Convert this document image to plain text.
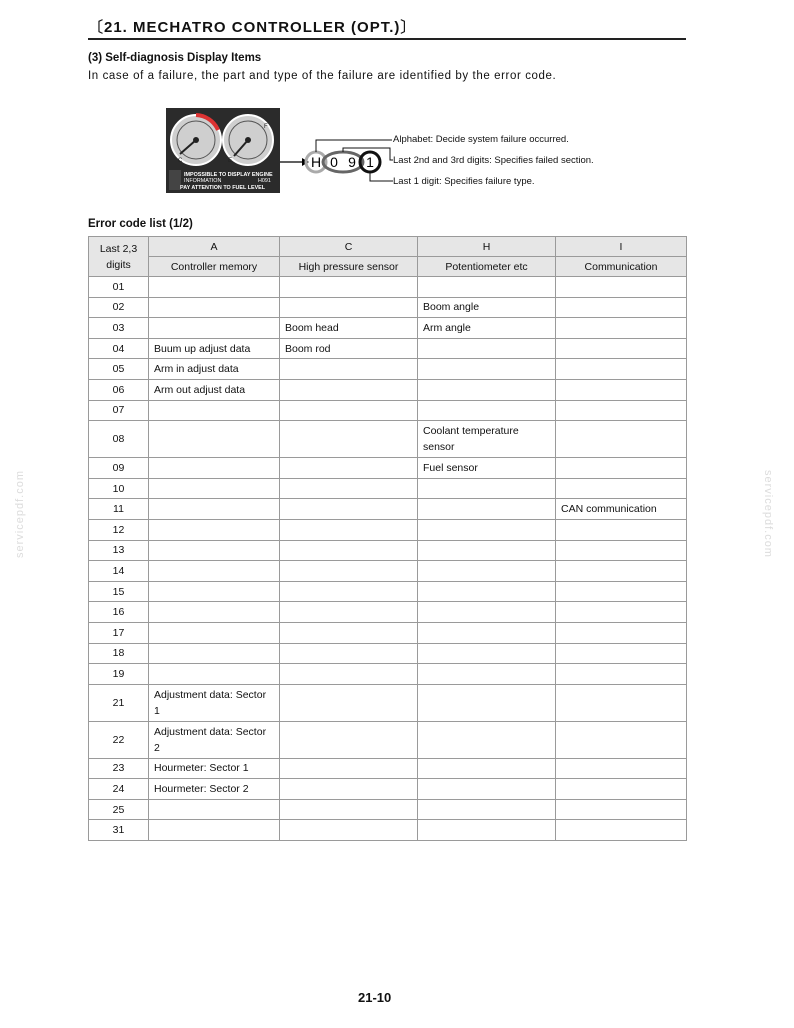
〔21. MECHATRO CONTROLLER (OPT.)〕
(3) Self-diagnosis Display Items
In case of a failure, the part and type of the failure are identified by the error code.
C	E
F
IMPOSSIBLE TO DISPLAY ENGINE
INFORMATION	H091
PAY ATTENTION TO FUEL LEVEL
H 0 9 1
Alphabet: Decide system failure occurred.
Last 2nd and 3rd digits: Specifies failed section.
Last 1 digit: Specifies failure type.
Error code list (1/2)
Last 2,3
digits	A	C	H	I
	Controller memory	High pressure sensor	Potentiometer etc	Communication
01				
02			Boom angle	
03		Boom head	Arm angle	
04	Buum up adjust data	Boom rod		
05	Arm in adjust data			
06	Arm out adjust data			
07				
08			Coolant temperature sensor	
09			Fuel sensor	
10				
11				CAN communication
12				
13				
14				
15				
16				
17				
18				
19				
21	Adjustment data: Sector 1			
22	Adjustment data: Sector 2			
23	Hourmeter: Sector 1			
24	Hourmeter: Sector 2			
25				
31				
servicepdf.com	servicepdf.com
21-10
